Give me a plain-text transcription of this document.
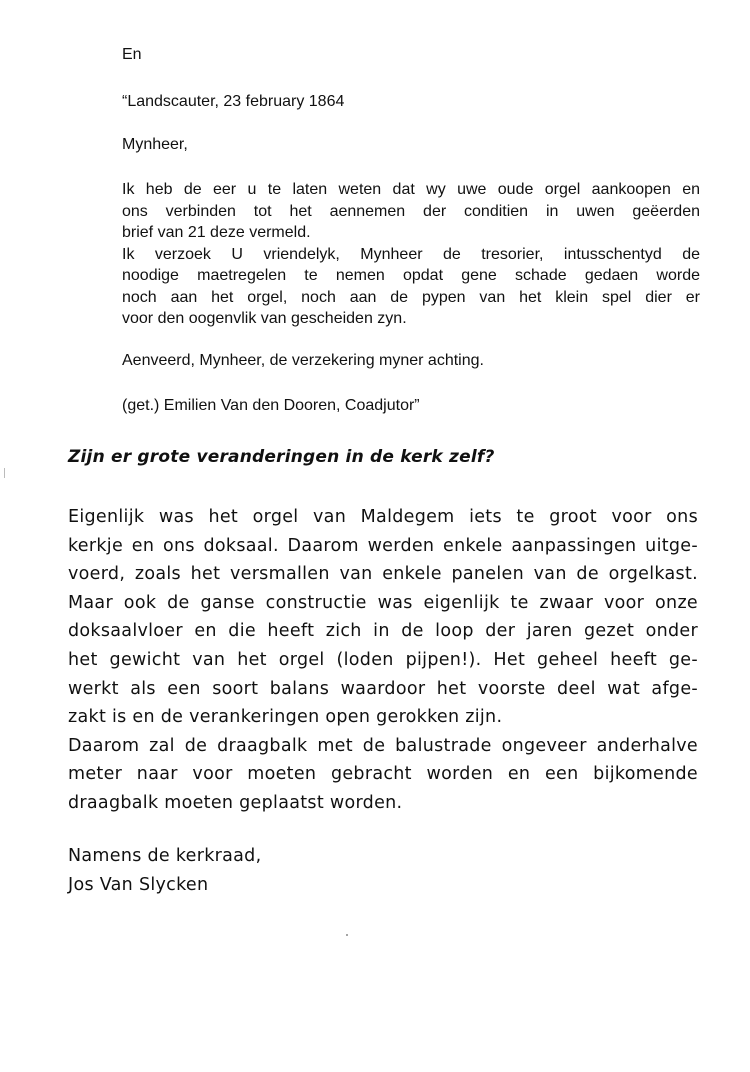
En

“Landscauter, 23 february 1864

Mynheer,

Ik heb de eer u te laten weten dat wy uwe oude orgel aankoopen en
ons verbinden tot het aennemen der conditien in uwen geëerden
brief van 21 deze vermeld.
Ik verzoek U vriendelyk, Mynheer de tresorier, intusschentyd de
noodige maetregelen te nemen opdat gene schade gedaen worde
noch aan het orgel, noch aan de pypen van het klein spel dier er
voor den oogenvlik van gescheiden zyn.

Aenveerd, Mynheer, de verzekering myner achting.

(get.) Emilien Van den Dooren, Coadjutor”

Zijn er grote veranderingen in de kerk zelf?
Eigenlijk was het orgel van Maldegem iets te groot voor ons
kerkje en ons doksaal. Daarom werden enkele aanpassingen uitge-
voerd, zoals het versmallen van enkele panelen van de orgelkast.
Maar ook de ganse constructie was eigenlijk te zwaar voor onze
doksaalvloer en die heeft zich in de loop der jaren gezet onder
het gewicht van het orgel (loden pijpen!). Het geheel heeft ge-
werkt als een soort balans waardoor het voorste deel wat afge-
zakt is en de verankeringen open gerokken zijn.
Daarom zal de draagbalk met de balustrade ongeveer anderhalve
meter naar voor moeten gebracht worden en een bijkomende
draagbalk moeten geplaatst worden.
Namens de kerkraad,
Jos Van Slycken
